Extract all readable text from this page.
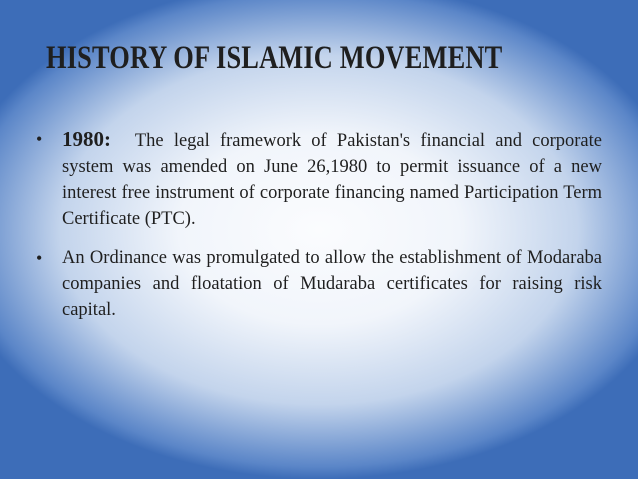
HISTORY OF ISLAMIC MOVEMENT
• 1980: The legal framework of Pakistan's financial and corporate system was amended on June 26,1980 to permit issuance of a new interest free instrument of corporate financing named Participation Term Certificate (PTC).
• An Ordinance was promulgated to allow the establishment of Modaraba companies and floatation of Mudaraba certificates for raising risk capital.
